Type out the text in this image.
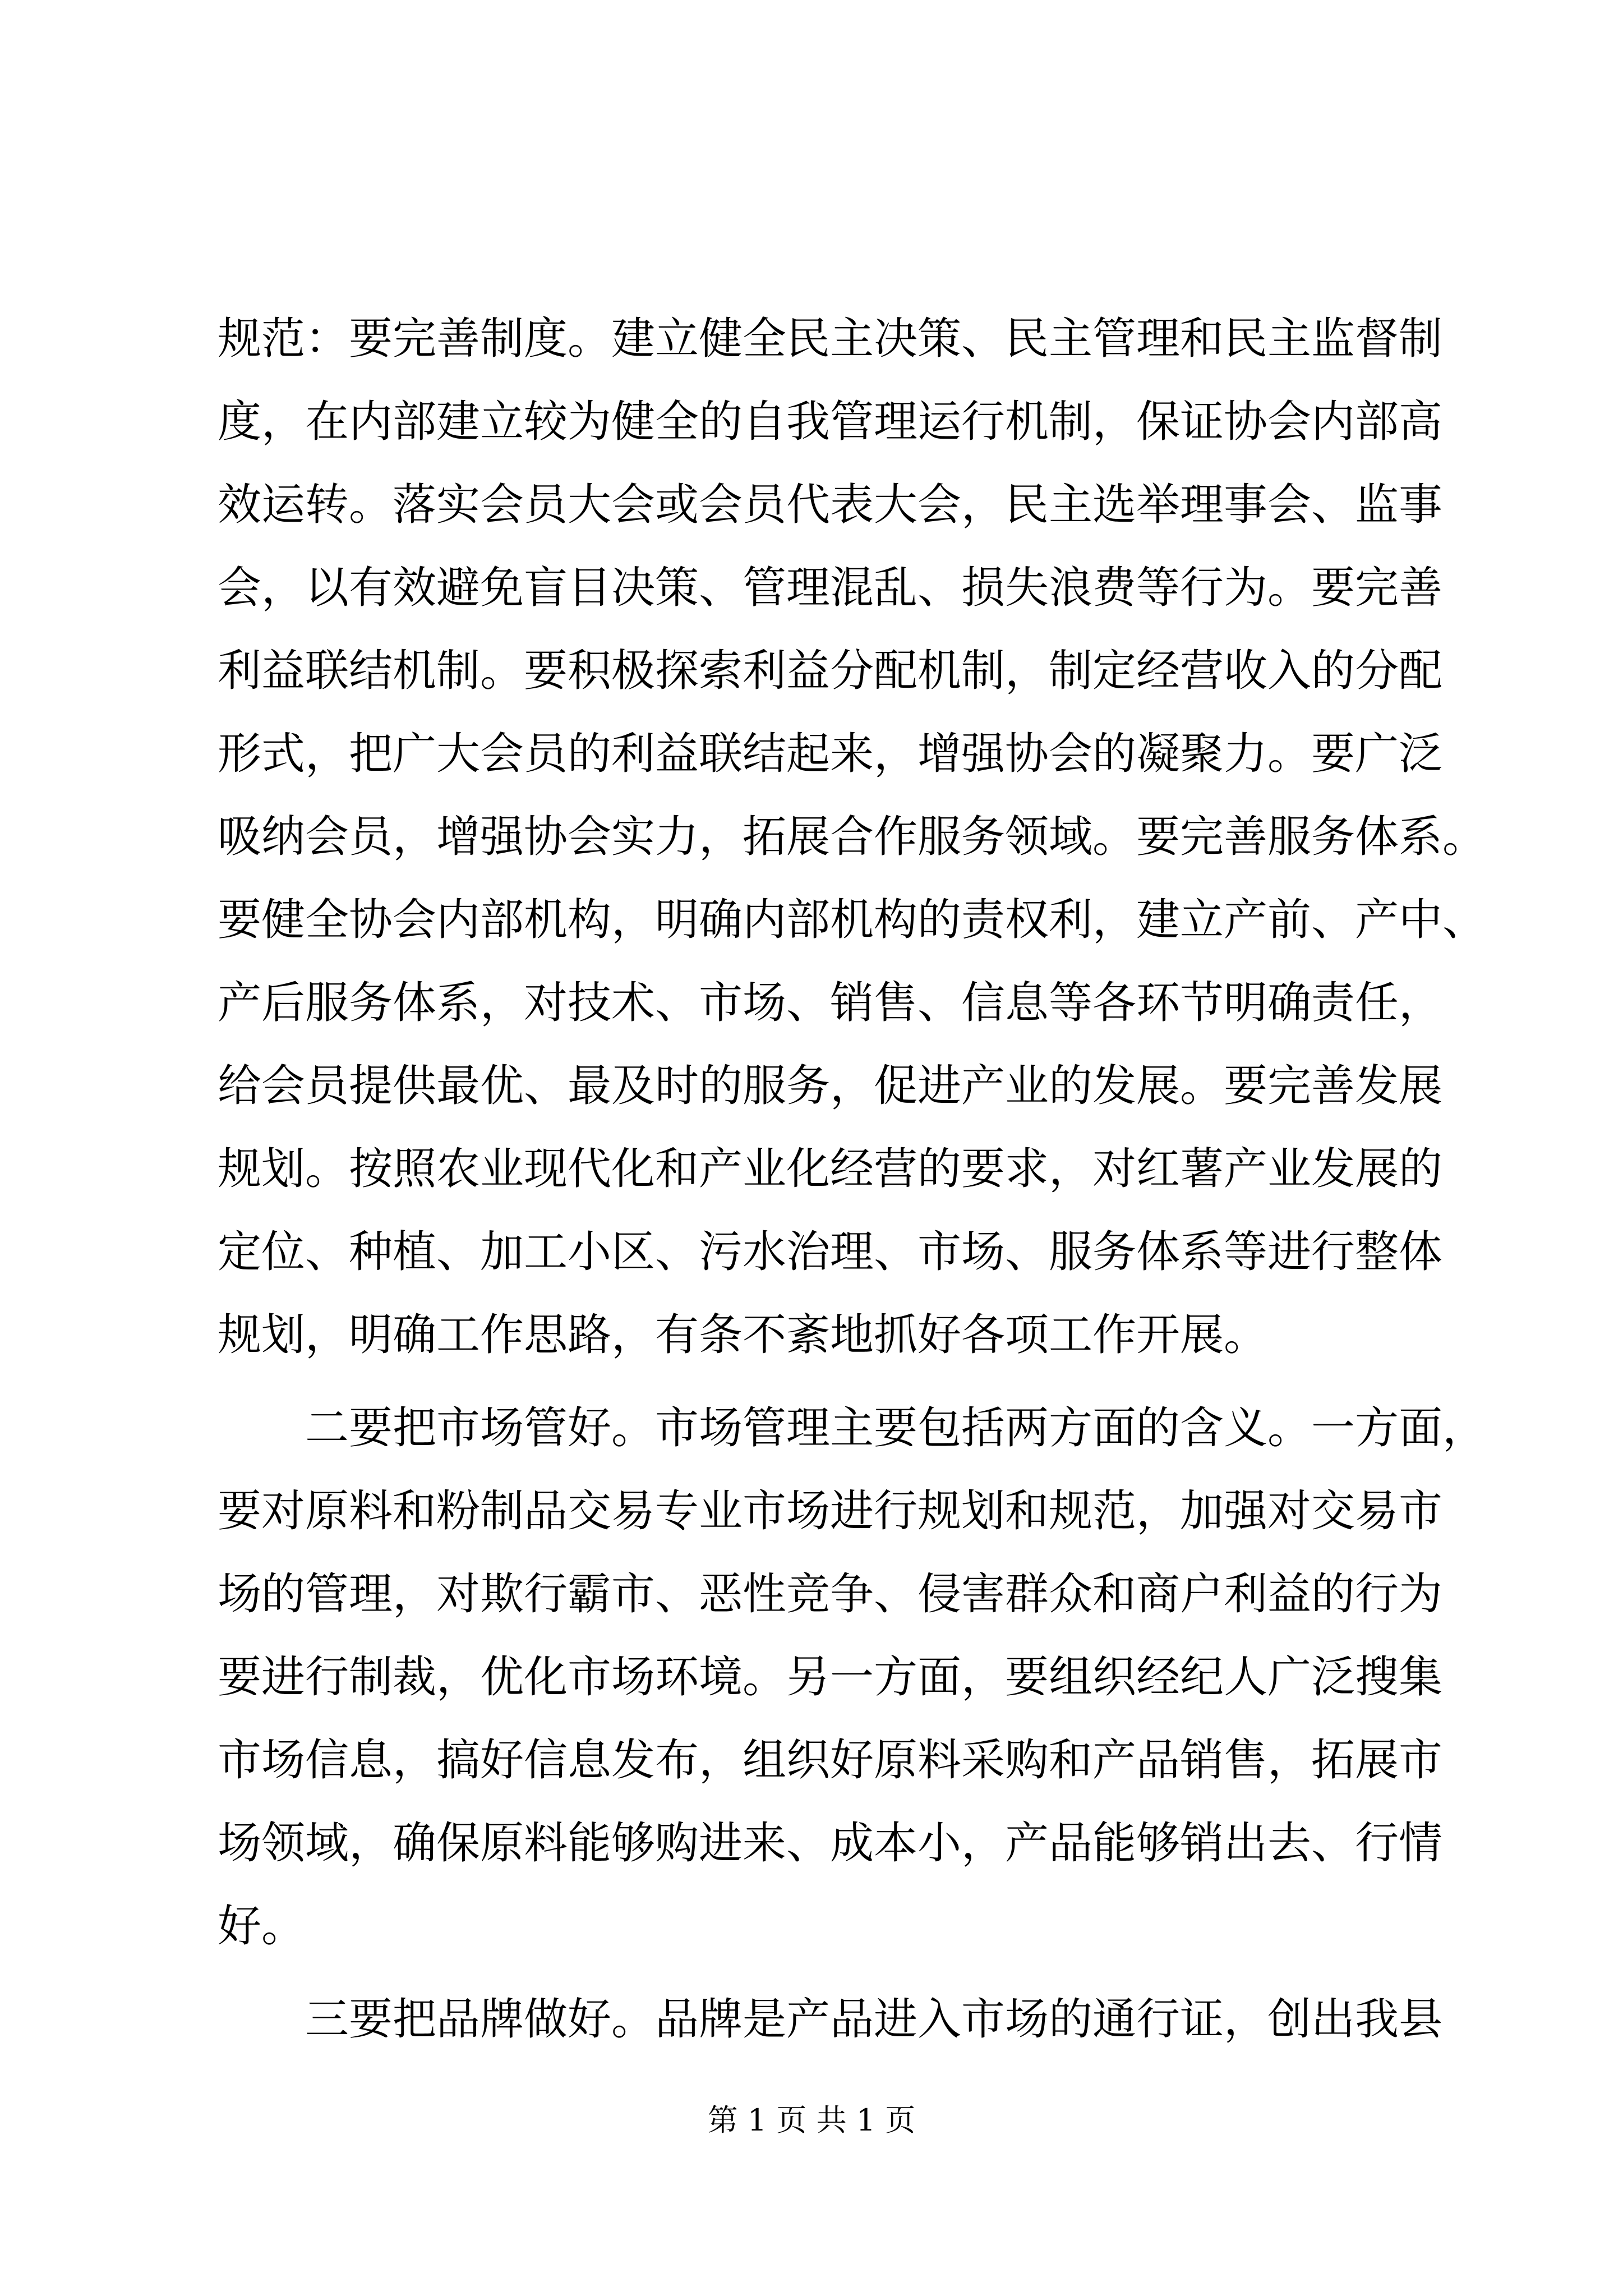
规范：要完善制度。建立健全民主决策、民主管理和民主监督制
度，在内部建立较为健全的自我管理运行机制，保证协会内部高
效运转。落实会员大会或会员代表大会，民主选举理事会、监事
会，以有效避免盲目决策、管理混乱、损失浪费等行为。要完善
利益联结机制。要积极探索利益分配机制，制定经营收入的分配
形式，把广大会员的利益联结起来，增强协会的凝聚力。要广泛
吸纳会员，增强协会实力，拓展合作服务领域。要完善服务体系。
要健全协会内部机构，明确内部机构的责权利，建立产前、产中、
产后服务体系，对技术、市场、销售、信息等各环节明确责任，
给会员提供最优、最及时的服务，促进产业的发展。要完善发展
规划。按照农业现代化和产业化经营的要求，对红薯产业发展的
定位、种植、加工小区、污水治理、市场、服务体系等进行整体
规划，明确工作思路，有条不紊地抓好各项工作开展。
　　二要把市场管好。市场管理主要包括两方面的含义。一方面，
要对原料和粉制品交易专业市场进行规划和规范，加强对交易市
场的管理，对欺行霸市、恶性竞争、侵害群众和商户利益的行为
要进行制裁，优化市场环境。另一方面，要组织经纪人广泛搜集
市场信息，搞好信息发布，组织好原料采购和产品销售，拓展市
场领域，确保原料能够购进来、成本小，产品能够销出去、行情
好。
　　三要把品牌做好。品牌是产品进入市场的通行证，创出我县
第 1 页 共 1 页
